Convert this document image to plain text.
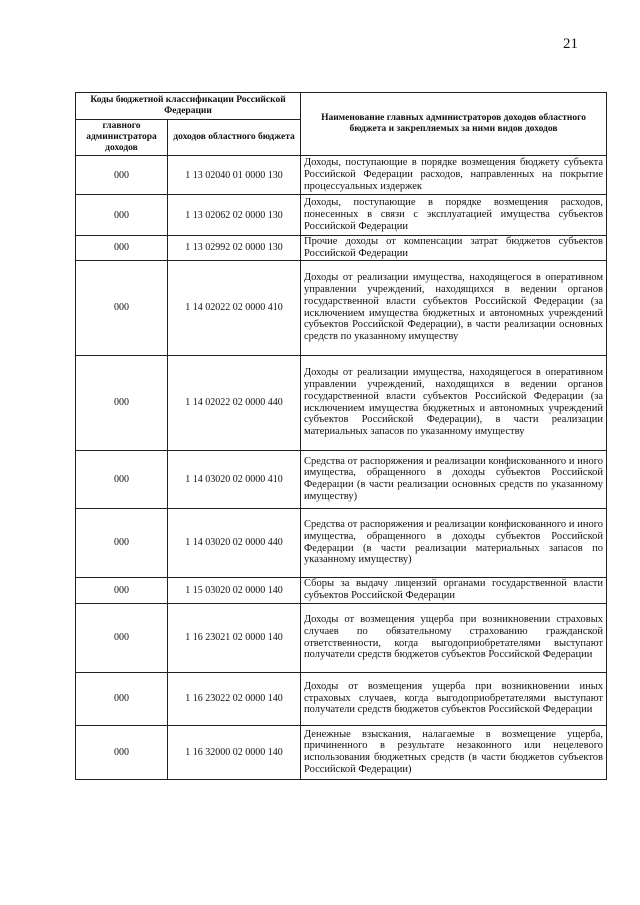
21
Коды бюджетной классификации Российской Федерации		Наименование главных администраторов доходов областного бюджета и закрепляемых за ними видов доходов
главного администратора доходов	доходов областного бюджета	
000	1 13 02040 01 0000 130	Доходы, поступающие в порядке возмещения бюджету субъекта Российской Федерации расходов, направленных на покрытие процессуальных издержек
000	1 13 02062 02 0000 130	Доходы, поступающие в порядке возмещения расходов, понесенных в связи с эксплуатацией имущества субъектов Российской Федерации
000	1 13 02992 02 0000 130	Прочие доходы от компенсации затрат бюджетов субъектов Российской Федерации
000	1 14 02022 02 0000 410	Доходы от реализации имущества, находящегося в оперативном управлении учреждений, находящихся в ведении органов государственной власти субъектов Российской Федерации (за исключением имущества бюджетных и автономных учреждений субъектов Российской Федерации), в части реализации основных средств по указанному имуществу
000	1 14 02022 02 0000 440	Доходы от реализации имущества, находящегося в оперативном управлении учреждений, находящихся в ведении органов государственной власти субъектов Российской Федерации (за исключением имущества бюджетных и автономных учреждений субъектов Российской Федерации), в части реализации материальных запасов по указанному имуществу
000	1 14 03020 02 0000 410	Средства от распоряжения и реализации конфискованного и иного имущества, обращенного в доходы субъектов Российской Федерации (в части реализации основных средств по указанному имуществу)
000	1 14 03020 02 0000 440	Средства от распоряжения и реализации конфискованного и иного имущества, обращенного в доходы субъектов Российской Федерации (в части реализации материальных запасов по указанному имуществу)
000	1 15 03020 02 0000 140	Сборы за выдачу лицензий органами государственной власти субъектов Российской Федерации
000	1 16 23021 02 0000 140	Доходы от возмещения ущерба при возникновении страховых случаев по обязательному страхованию гражданской ответственности, когда выгодоприобретателями выступают получатели средств бюджетов субъектов Российской Федерации
000	1 16 23022 02 0000 140	Доходы от возмещения ущерба при возникновении иных страховых случаев, когда выгодоприобретателями выступают получатели средств бюджетов субъектов Российской Федерации
000	1 16 32000 02 0000 140	Денежные взыскания, налагаемые в возмещение ущерба, причиненного в результате незаконного или нецелевого использования бюджетных средств (в части бюджетов субъектов Российской Федерации)
